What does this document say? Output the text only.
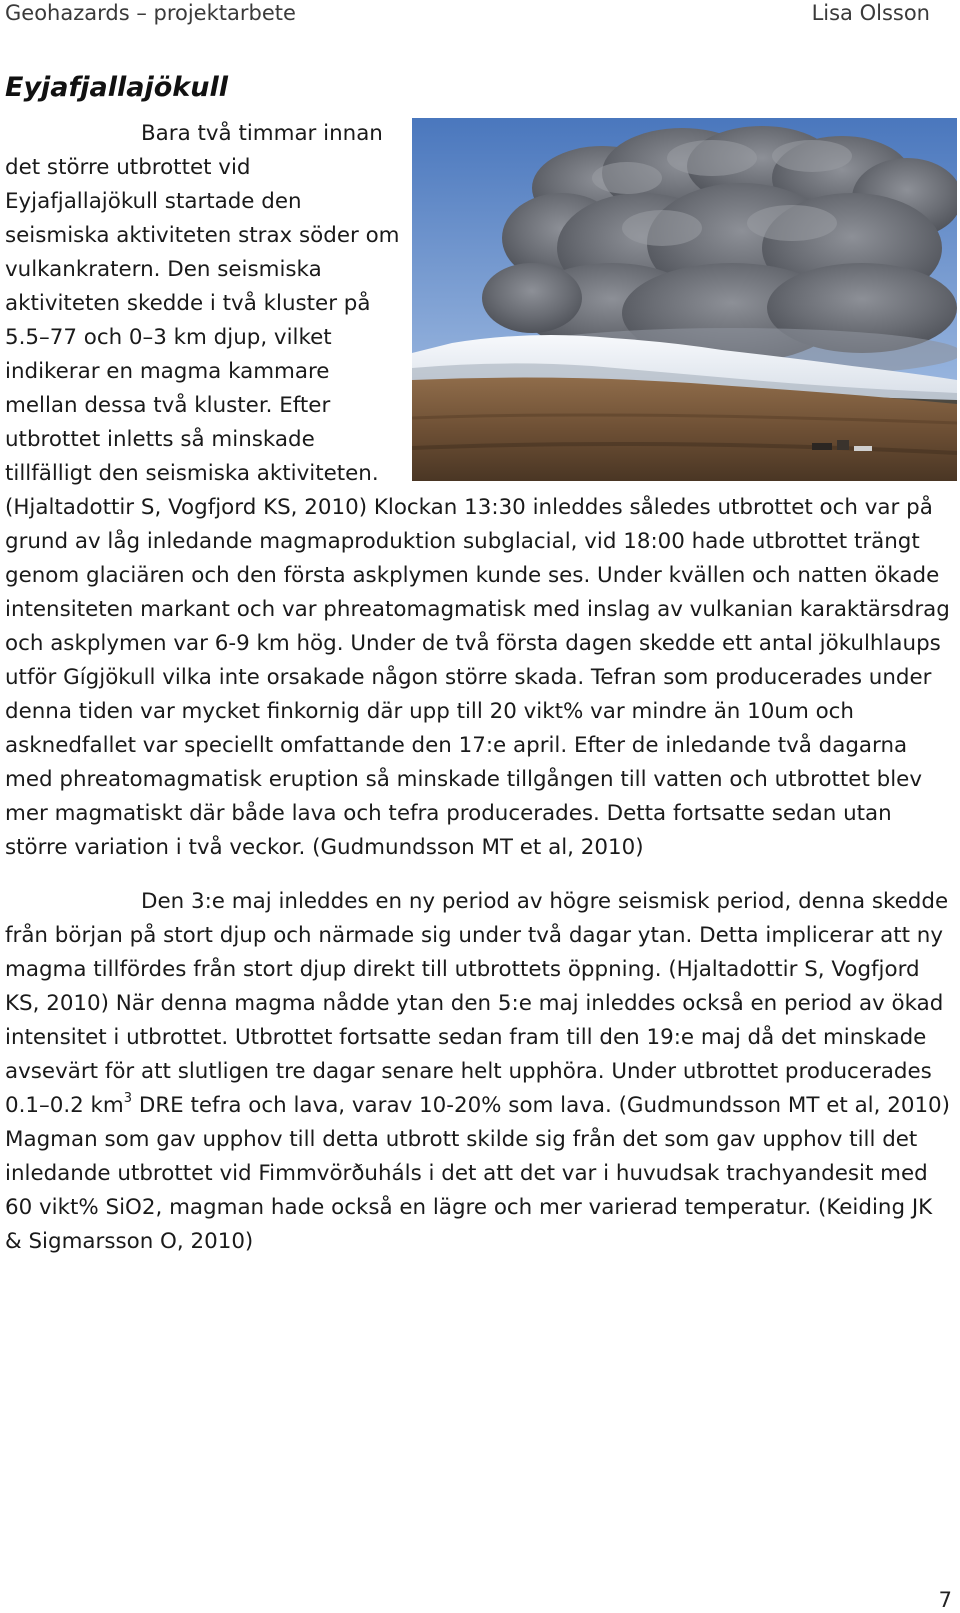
Geohazards – projektarbete	Lisa Olsson
Eyjafjallajökull

Bara två timmar innan det större utbrottet vid Eyjafjallajökull startade den seismiska aktiviteten strax söder om vulkankratern. Den seismiska aktiviteten skedde i två kluster på 5.5–77 och 0–3 km djup, vilket indikerar en magma kammare mellan dessa två kluster. Efter utbrottet inletts så minskade tillfälligt den seismiska aktiviteten. (Hjaltadottir S, Vogfjord KS, 2010) Klockan 13:30 inleddes således utbrottet och var på grund av låg inledande magmaproduktion subglacial, vid 18:00 hade utbrottet trängt genom glaciären och den första askplymen kunde ses. Under kvällen och natten ökade intensiteten markant och var phreatomagmatisk med inslag av vulkanian karaktärsdrag och askplymen var 6-9 km hög. Under de två första dagen skedde ett antal jökulhlaups utför Gígjökull vilka inte orsakade någon större skada. Tefran som producerades under denna tiden var mycket finkornig där upp till 20 vikt% var mindre än 10um och asknedfallet var speciellt omfattande den 17:e april. Efter de inledande två dagarna med phreatomagmatisk eruption så minskade tillgången till vatten och utbrottet blev mer magmatiskt där både lava och tefra producerades. Detta fortsatte sedan utan större variation i två veckor. (Gudmundsson MT et al, 2010)

Den 3:e maj inleddes en ny period av högre seismisk period, denna skedde från början på stort djup och närmade sig under två dagar ytan. Detta implicerar att ny magma tillfördes från stort djup direkt till utbrottets öppning. (Hjaltadottir S, Vogfjord KS, 2010) När denna magma nådde ytan den 5:e maj inleddes också en period av ökad intensitet i utbrottet. Utbrottet fortsatte sedan fram till den 19:e maj då det minskade avsevärt för att slutligen tre dagar senare helt upphöra. Under utbrottet producerades 0.1–0.2 $km^3$ DRE tefra och lava, varav 10-20% som lava. (Gudmundsson MT et al, 2010) Magman som gav upphov till detta utbrott skilde sig från det som gav upphov till det inledande utbrottet vid Fimmvörðuháls i det att det var i huvudsak trachyandesit med 60 vikt% SiO2, magman hade också en lägre och mer varierad temperatur. (Keiding JK & Sigmarsson O, 2010)

7
